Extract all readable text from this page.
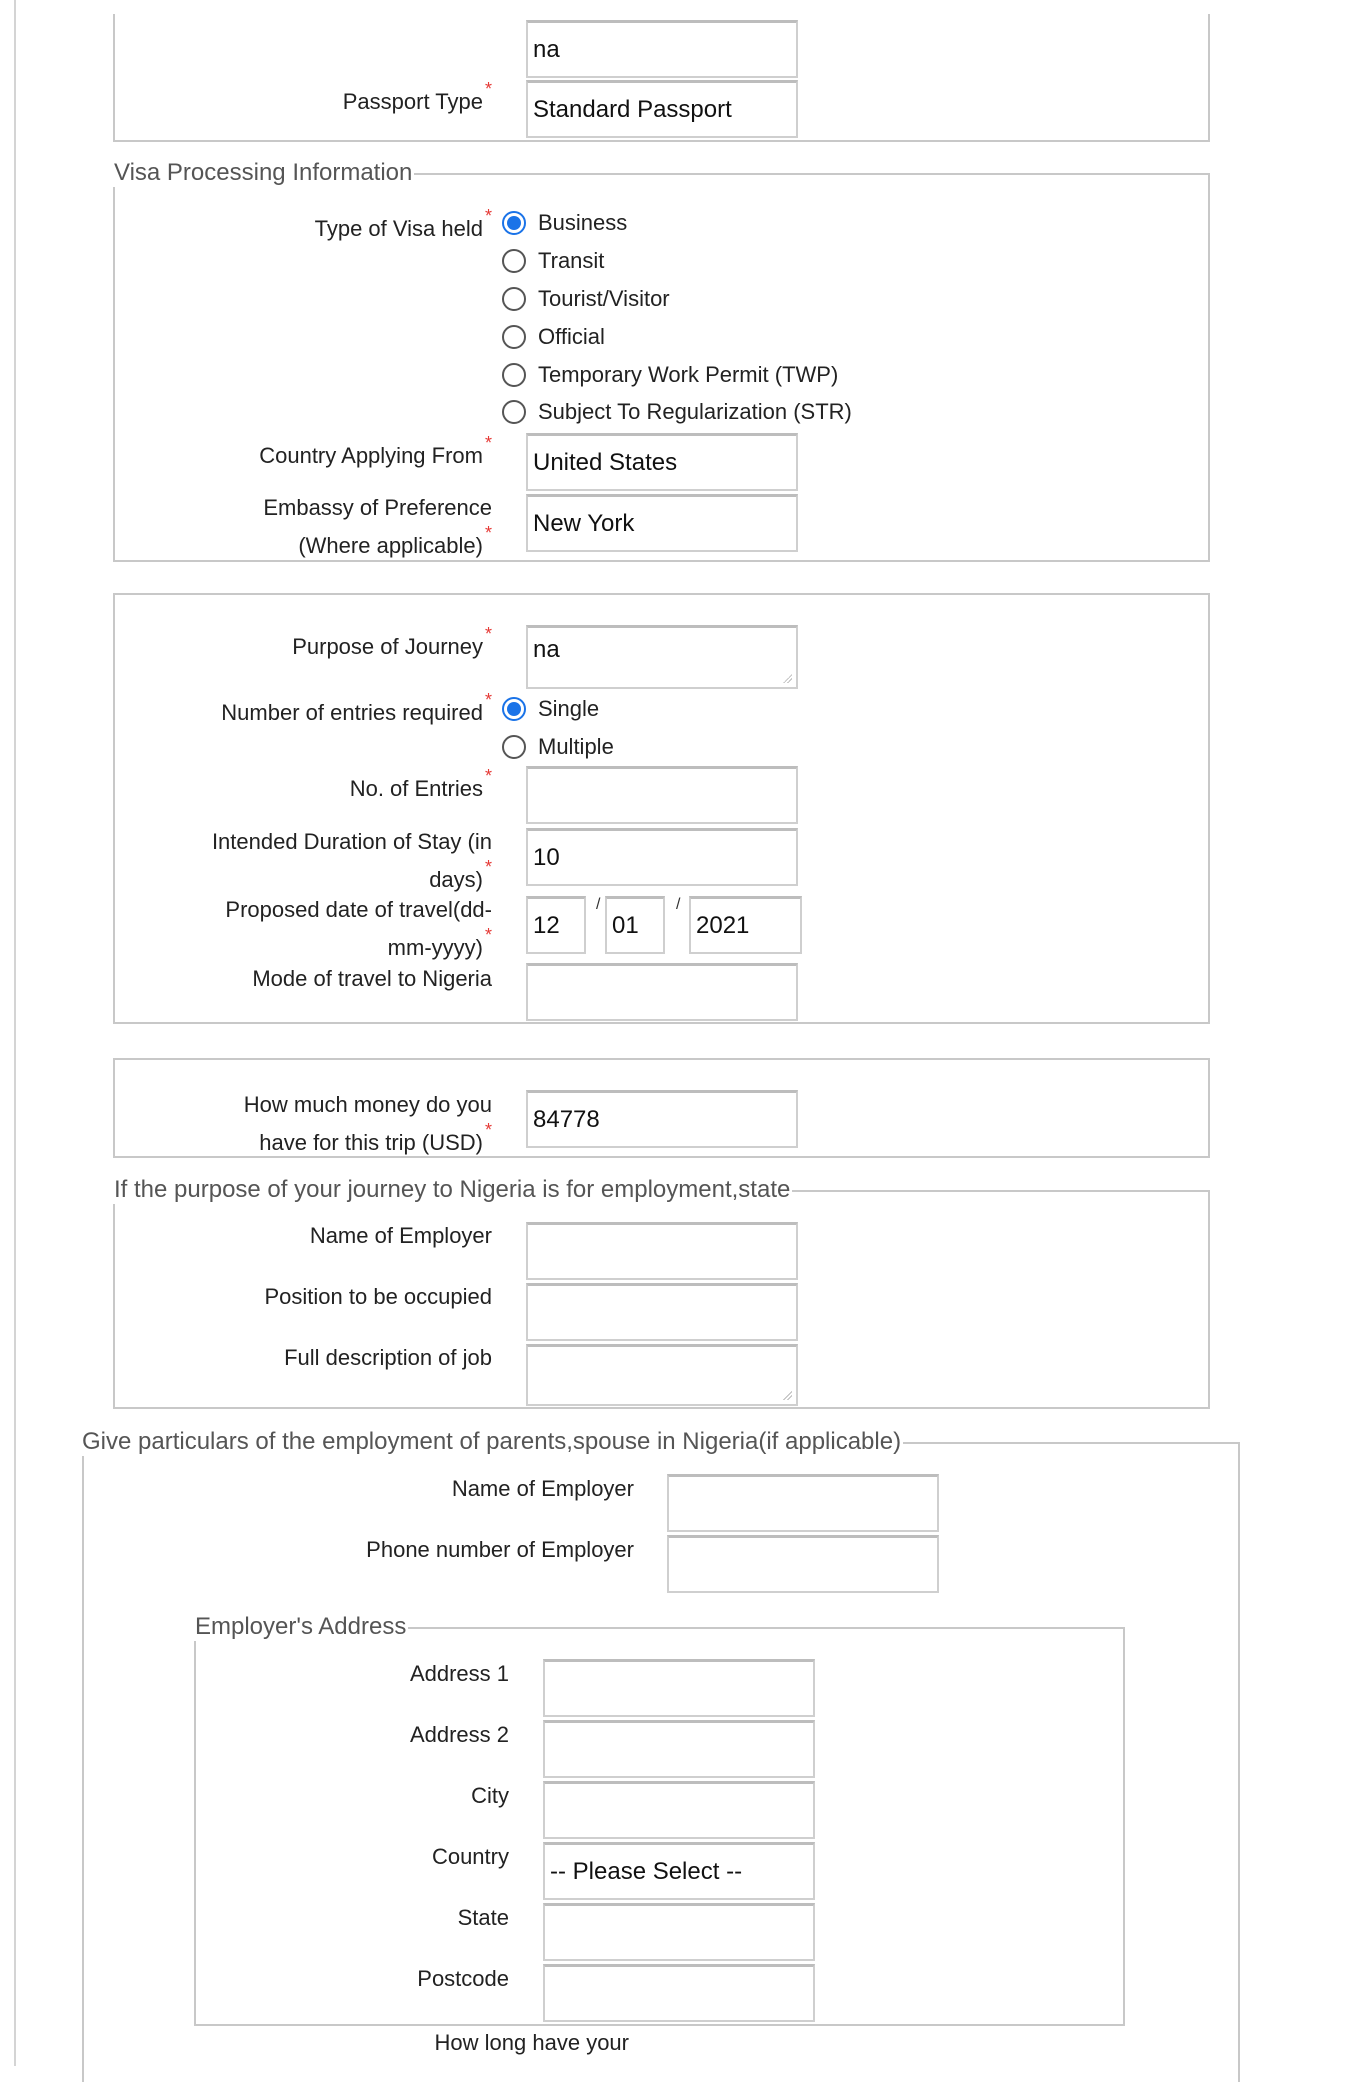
na
Passport Type *
Standard Passport
Visa Processing Information
Type of Visa held * Business
Transit
Tourist/Visitor
Official
Temporary Work Permit (TWP)
Subject To Regularization (STR)
Country Applying From *
United States
Embassy of Preference
(Where applicable) * New York
Purpose of Journey *
na
Number of entries required * Single
Multiple
No. of Entries *
Intended Duration of Stay (in
days) * 10
Proposed date of travel(dd-
mm-yyyy) * 12
/
01
/
2021
Mode of travel to Nigeria
How much money do you
have for this trip (USD) * 84778
If the purpose of your journey to Nigeria is for employment,state
Name of Employer
Position to be occupied
Full description of job
Give particulars of the employment of parents,spouse in Nigeria(if applicable)
Name of Employer
Phone number of Employer
Employer's Address
Address 1
Address 2
City
Country
-- Please Select --
State
Postcode
How long have your
